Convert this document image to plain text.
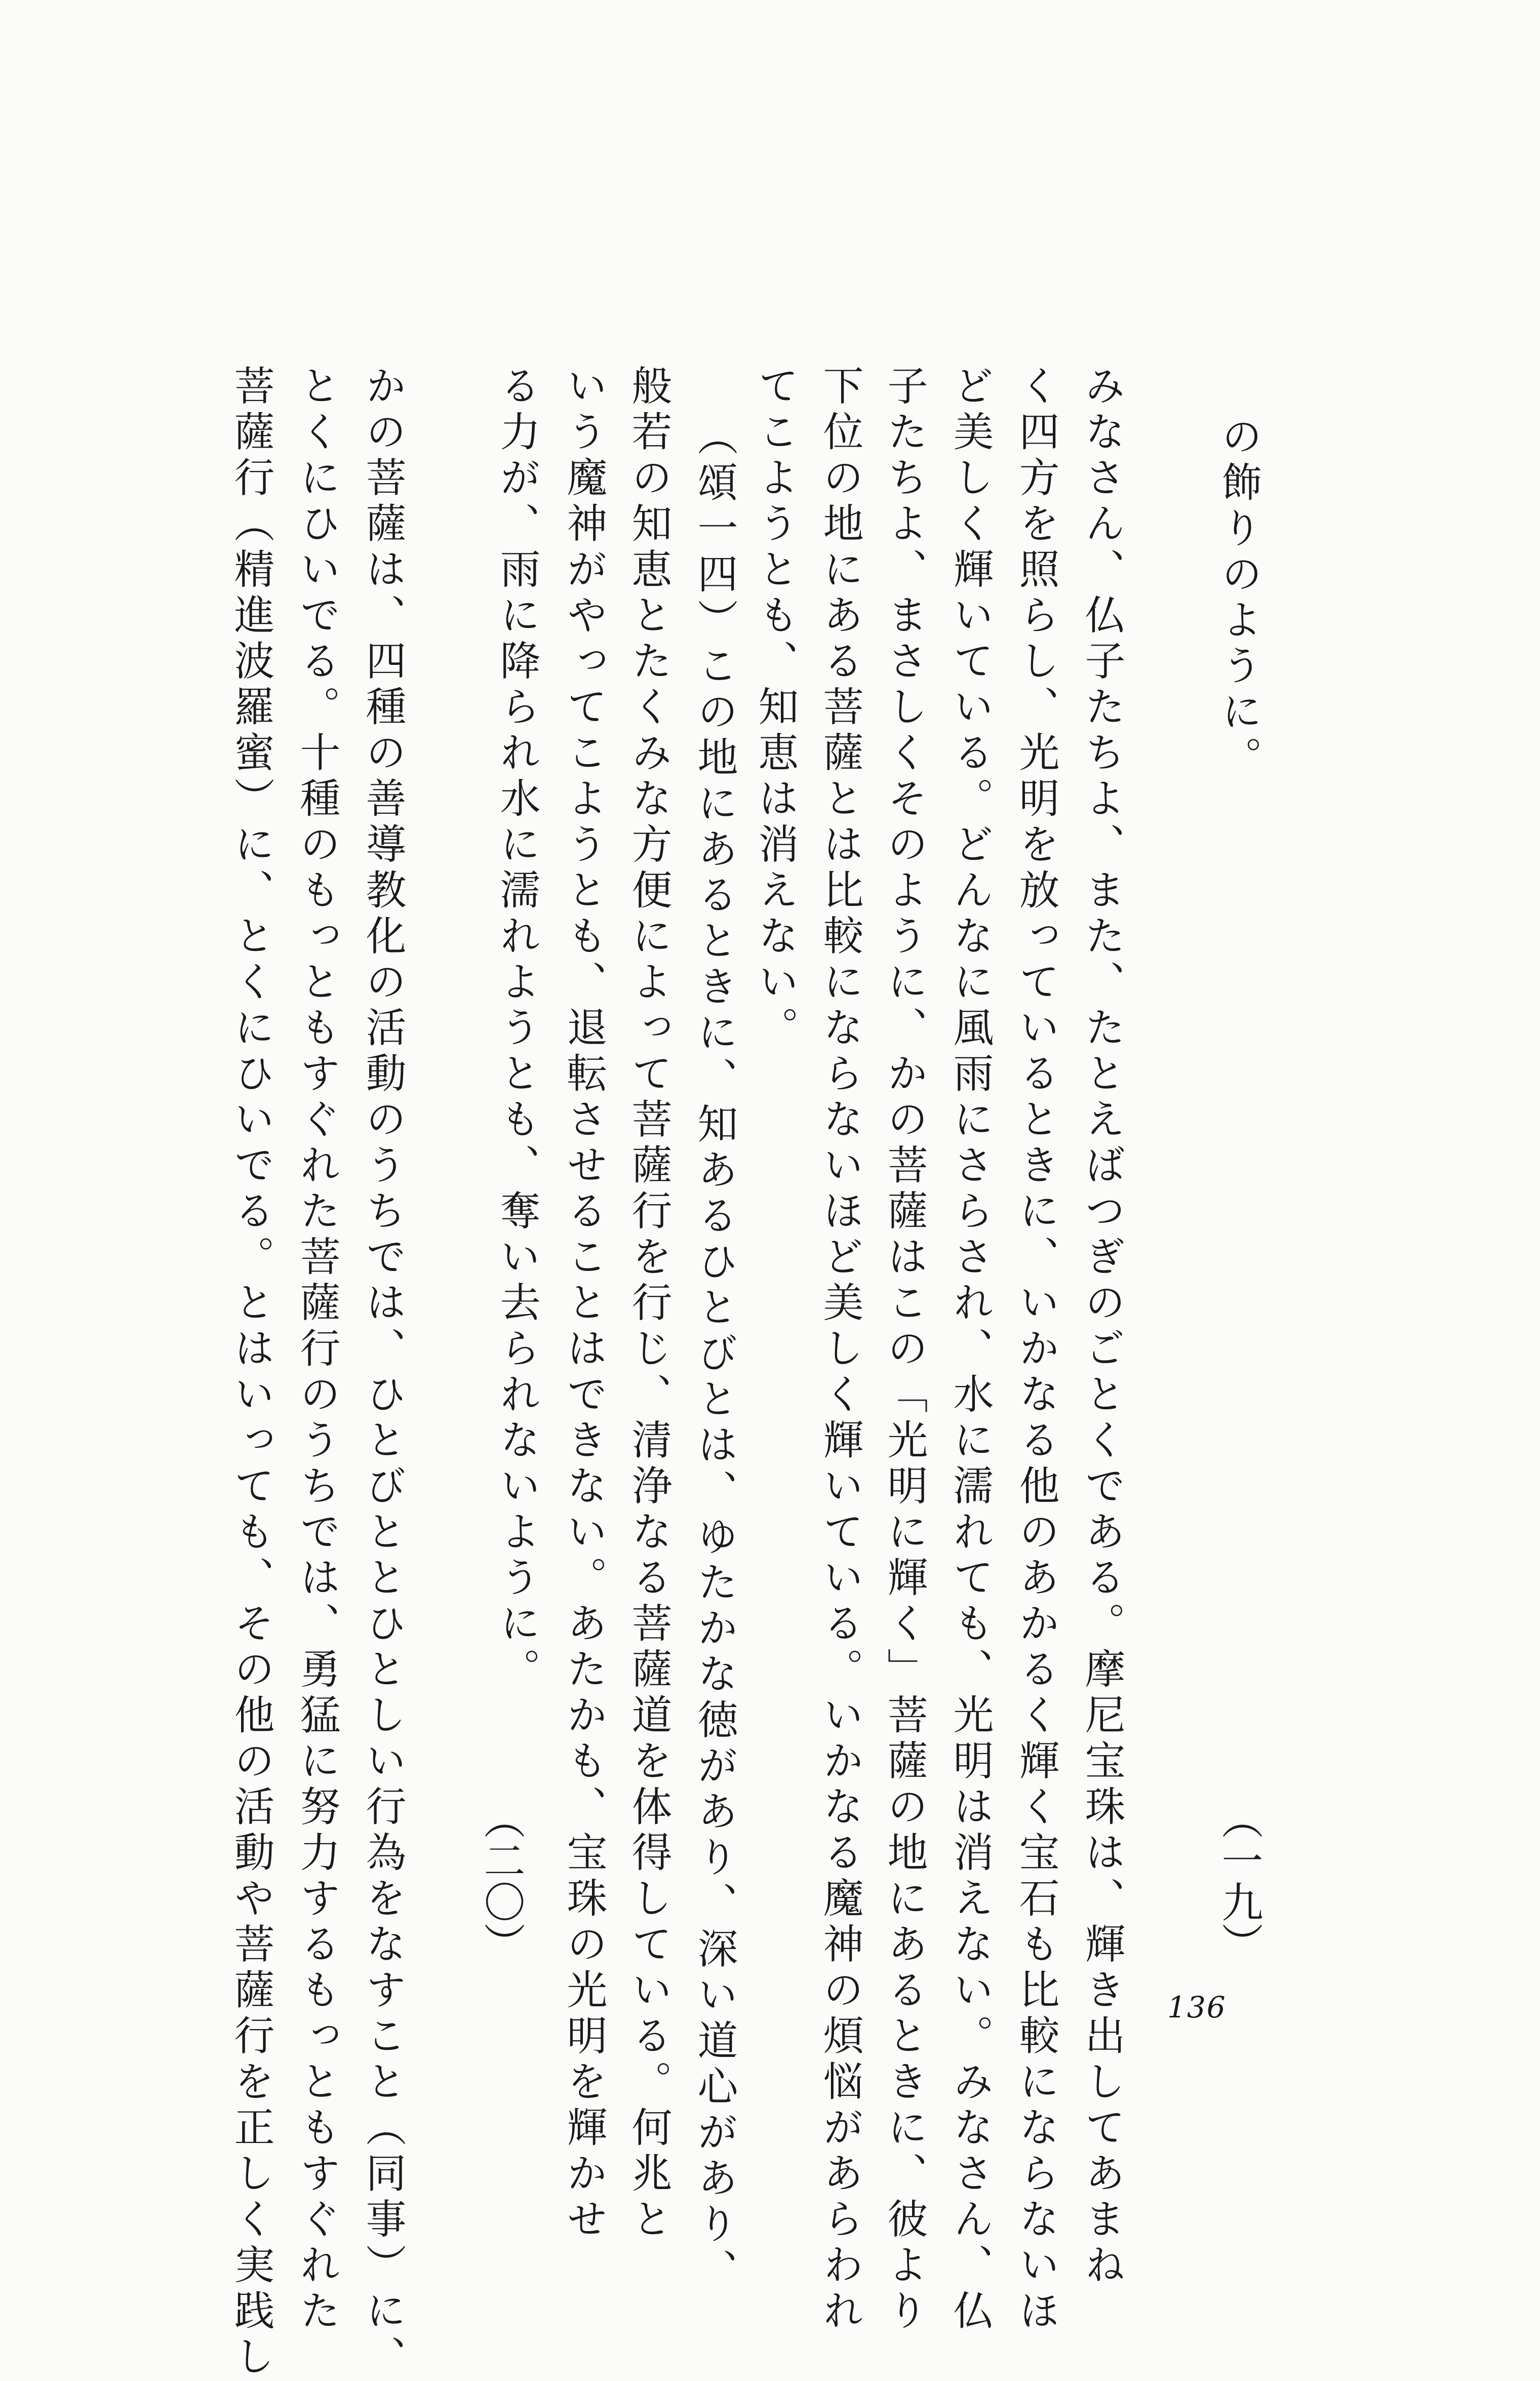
（一九）
（二〇）
の飾りのように。
みなさん、仏子たちよ、また、たとえばつぎのごとくである。摩尼宝珠は、輝き出してあまね
く四方を照らし、光明を放っているときに、いかなる他のあかるく輝く宝石も比較にならないほ
ど美しく輝いている。どんなに風雨にさらされ、水に濡れても、光明は消えない。みなさん、仏
子たちよ、まさしくそのように、かの菩薩はこの「光明に輝く」菩薩の地にあるときに、彼より
下位の地にある菩薩とは比較にならないほど美しく輝いている。いかなる魔神の煩悩があらわれ
てこようとも、知恵は消えない。
（頌一四）この地にあるときに、知あるひとびとは、ゆたかな徳があり、深い道心があり、
般若の知恵とたくみな方便によって菩薩行を行じ、清浄なる菩薩道を体得している。何兆と
いう魔神がやってこようとも、退転させることはできない。あたかも、宝珠の光明を輝かせ
る力が、雨に降られ水に濡れようとも、奪い去られないように。
かの菩薩は、四種の善導教化の活動のうちでは、ひとびととひとしい行為をなすこと（同事）に、
とくにひいでる。十種のもっともすぐれた菩薩行のうちでは、勇猛に努力するもっともすぐれた
菩薩行（精進波羅蜜）に、とくにひいでる。とはいっても、その他の活動や菩薩行を正しく実践し	136
